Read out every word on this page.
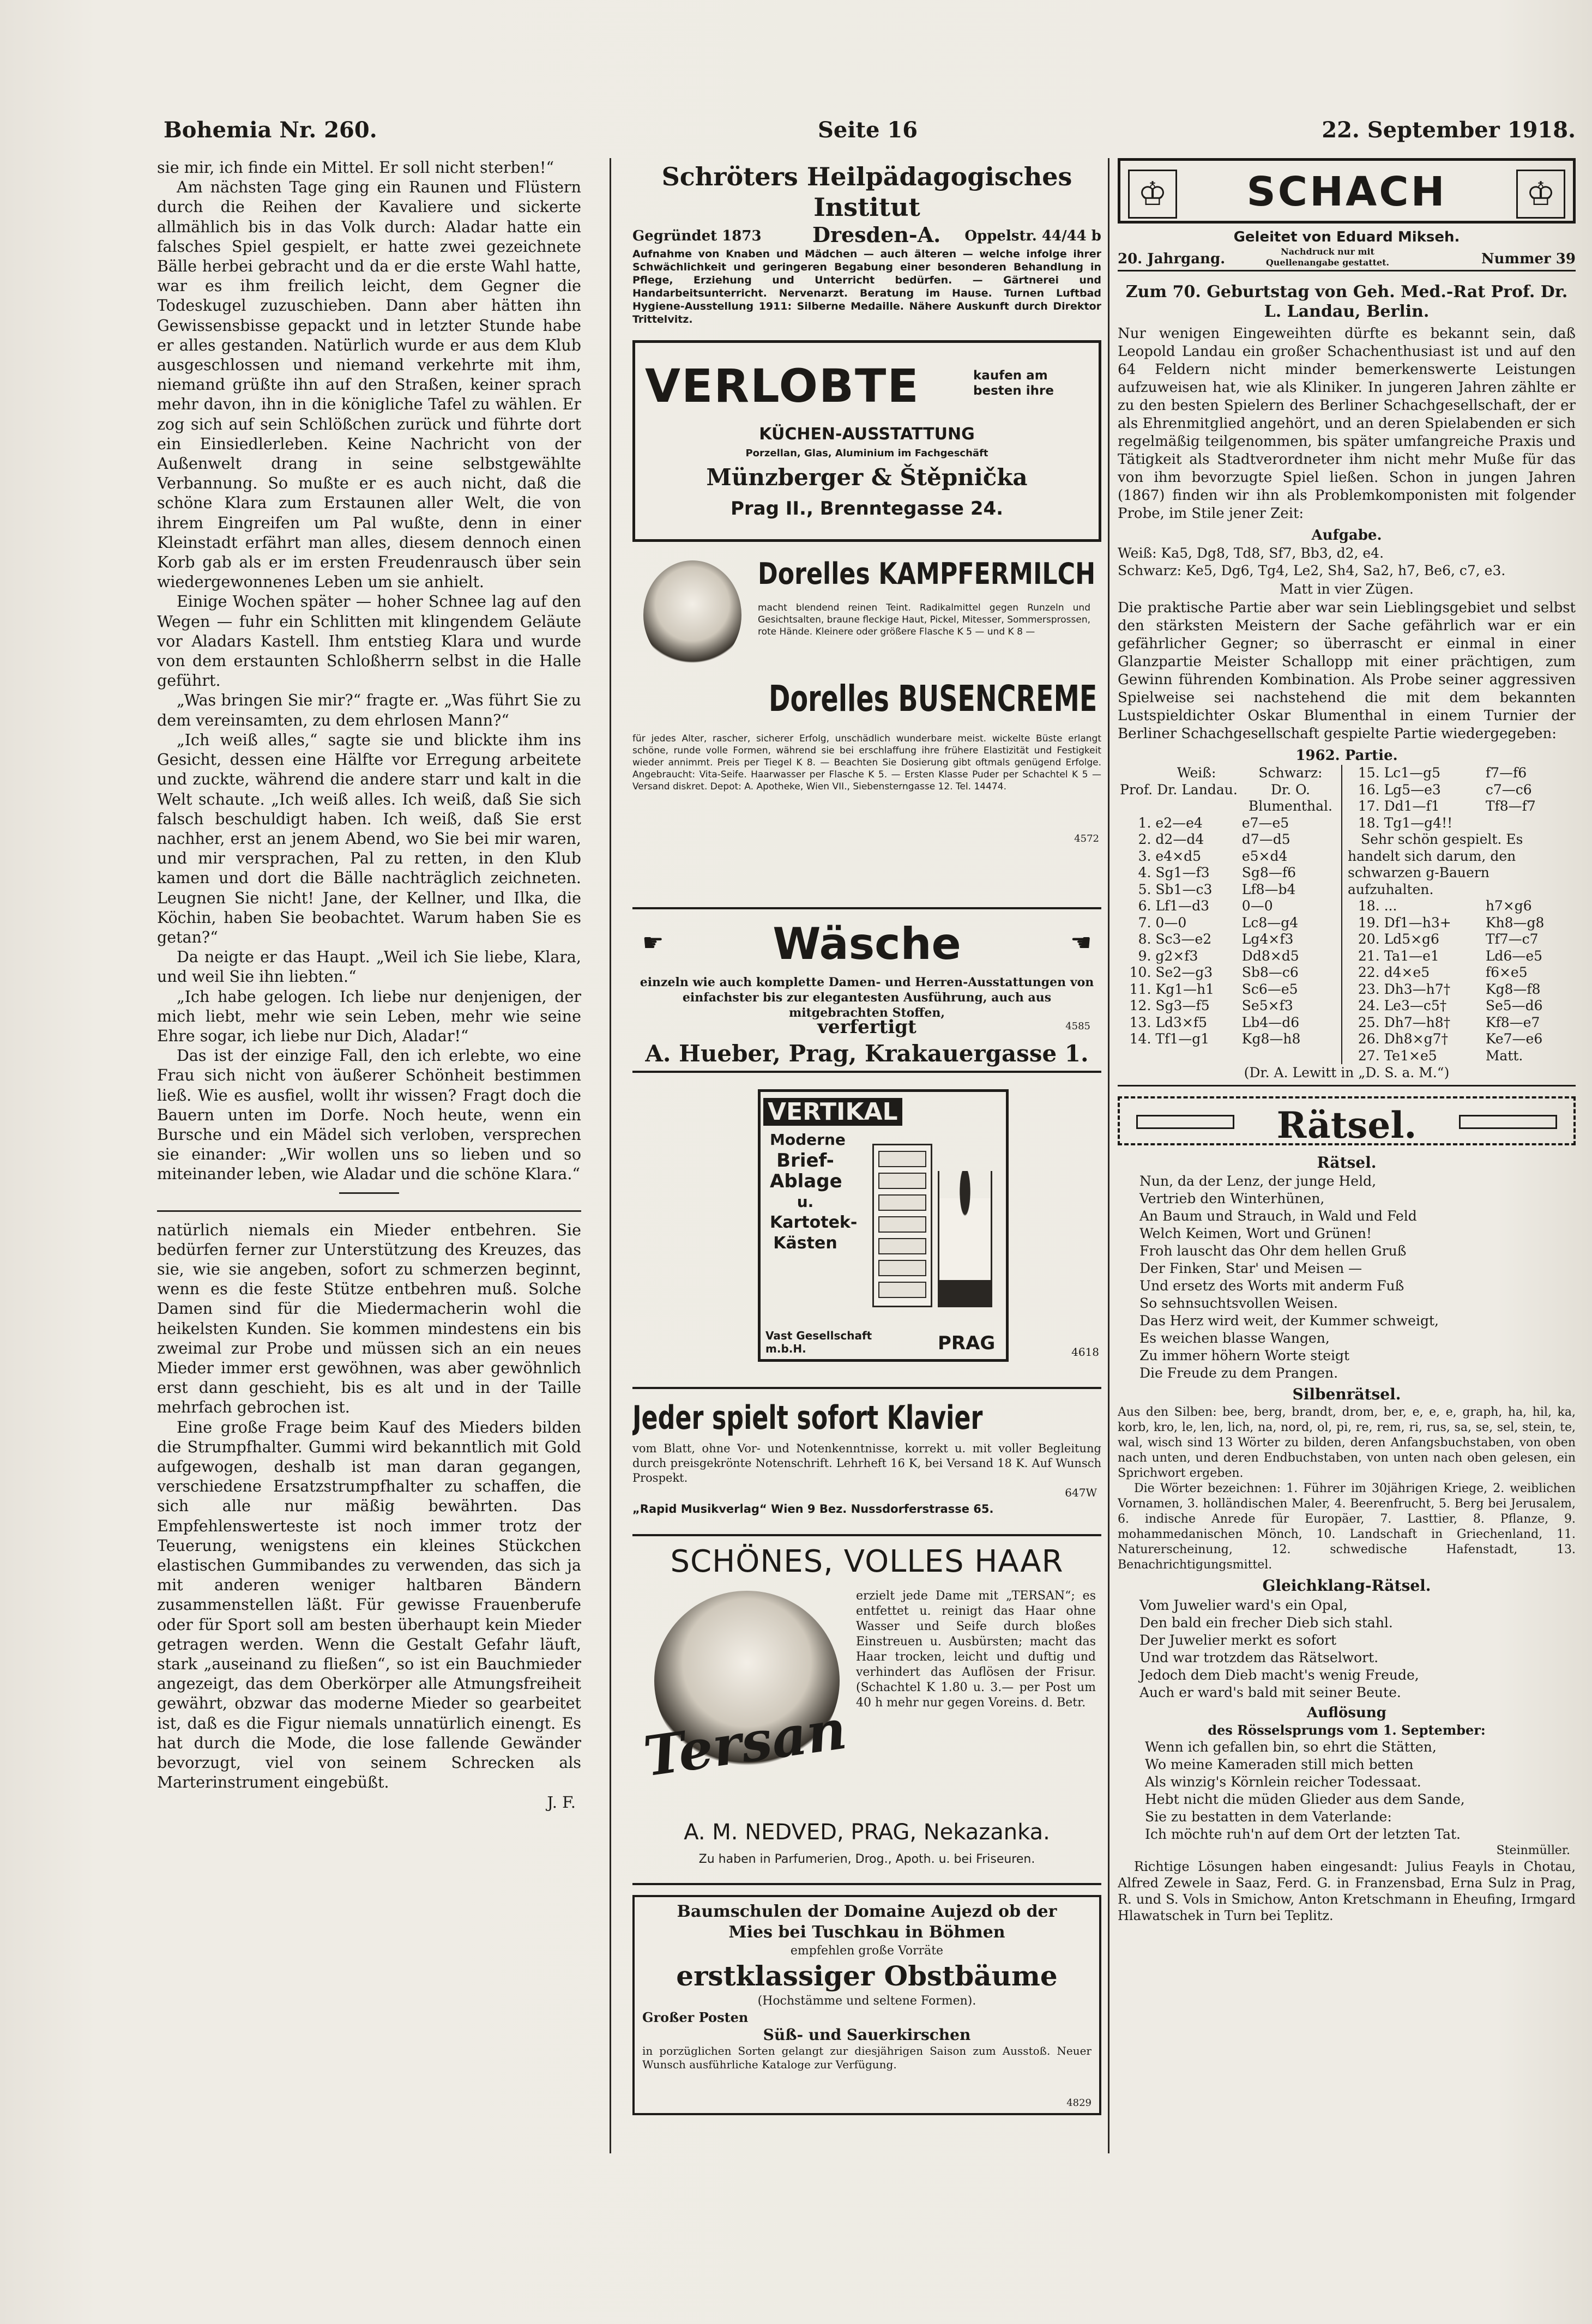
Bohemia Nr. 260.	Seite 16	22. September 1918.

sie mir, ich finde ein Mittel. Er soll nicht sterben!“

Am nächsten Tage ging ein Raunen und Flüstern durch die Reihen der Kavaliere und sickerte allmählich bis in das Volk durch: Aladar hatte ein falsches Spiel gespielt, er hatte zwei gezeichnete Bälle herbei gebracht und da er die erste Wahl hatte, war es ihm freilich leicht, dem Gegner die Todeskugel zuzuschieben. Dann aber hätten ihn Gewissensbisse gepackt und in letzter Stunde habe er alles gestanden. Natürlich wurde er aus dem Klub ausgeschlossen und niemand verkehrte mit ihm, niemand grüßte ihn auf den Straßen, keiner sprach mehr davon, ihn in die königliche Tafel zu wählen. Er zog sich auf sein Schlößchen zurück und führte dort ein Einsiedlerleben. Keine Nachricht von der Außenwelt drang in seine selbstgewählte Verbannung. So mußte er es auch nicht, daß die schöne Klara zum Erstaunen aller Welt, die von ihrem Eingreifen um Pal wußte, denn in einer Kleinstadt erfährt man alles, diesem dennoch einen Korb gab als er im ersten Freudenrausch über sein wiedergewonnenes Leben um sie anhielt.

Einige Wochen später — hoher Schnee lag auf den Wegen — fuhr ein Schlitten mit klingendem Geläute vor Aladars Kastell. Ihm entstieg Klara und wurde von dem erstaunten Schloßherrn selbst in die Halle geführt.

„Was bringen Sie mir?“ fragte er. „Was führt Sie zu dem vereinsamten, zu dem ehrlosen Mann?“

„Ich weiß alles,“ sagte sie und blickte ihm ins Gesicht, dessen eine Hälfte vor Erregung arbeitete und zuckte, während die andere starr und kalt in die Welt schaute. „Ich weiß alles. Ich weiß, daß Sie sich falsch beschuldigt haben. Ich weiß, daß Sie erst nachher, erst an jenem Abend, wo Sie bei mir waren, und mir versprachen, Pal zu retten, in den Klub kamen und dort die Bälle nachträglich zeichneten. Leugnen Sie nicht! Jane, der Kellner, und Ilka, die Köchin, haben Sie beobachtet. Warum haben Sie es getan?“

Da neigte er das Haupt. „Weil ich Sie liebe, Klara, und weil Sie ihn liebten.“

„Ich habe gelogen. Ich liebe nur denjenigen, der mich liebt, mehr wie sein Leben, mehr wie seine Ehre sogar, ich liebe nur Dich, Aladar!“

Das ist der einzige Fall, den ich erlebte, wo eine Frau sich nicht von äußerer Schönheit bestimmen ließ. Wie es ausfiel, wollt ihr wissen? Fragt doch die Bauern unten im Dorfe. Noch heute, wenn ein Bursche und ein Mädel sich verloben, versprechen sie einander: „Wir wollen uns so lieben und so miteinander leben, wie Aladar und die schöne Klara.“

natürlich niemals ein Mieder entbehren. Sie bedürfen ferner zur Unterstützung des Kreuzes, das sie, wie sie angeben, sofort zu schmerzen beginnt, wenn es die feste Stütze entbehren muß. Solche Damen sind für die Miedermacherin wohl die heikelsten Kunden. Sie kommen mindestens ein bis zweimal zur Probe und müssen sich an ein neues Mieder immer erst gewöhnen, was aber gewöhnlich erst dann geschieht, bis es alt und in der Taille mehrfach gebrochen ist.

Eine große Frage beim Kauf des Mieders bilden die Strumpfhalter. Gummi wird bekanntlich mit Gold aufgewogen, deshalb ist man daran gegangen, verschiedene Ersatzstrumpfhalter zu schaffen, die sich alle nur mäßig bewährten. Das Empfehlenswerteste ist noch immer trotz der Teuerung, wenigstens ein kleines Stückchen elastischen Gummibandes zu verwenden, das sich ja mit anderen weniger haltbaren Bändern zusammenstellen läßt. Für gewisse Frauenberufe oder für Sport soll am besten überhaupt kein Mieder getragen werden. Wenn die Gestalt Gefahr läuft, stark „auseinand zu fließen“, so ist ein Bauchmieder angezeigt, das dem Oberkörper alle Atmungsfreiheit gewährt, obzwar das moderne Mieder so gearbeitet ist, daß es die Figur niemals unnatürlich einengt. Es hat durch die Mode, die lose fallende Gewänder bevorzugt, viel von seinem Schrecken als Marterinstrument eingebüßt.

J. F.
Schröters Heilpädagogisches Institut
Gegründet 1873 Dresden-A. Oppelstr. 44/44 b
Aufnahme von Knaben und Mädchen — auch älteren — welche infolge ihrer Schwächlichkeit und geringeren Begabung einer besonderen Behandlung in Pflege, Erziehung und Unterricht bedürfen. — Gärtnerei und Handarbeitsunterricht. Nervenarzt. Beratung im Hause. Turnen Luftbad Hygiene-Ausstellung 1911: Silberne Medaille. Nähere Auskunft durch Direktor Trittelvitz.
VERLOBTE	kaufen am besten ihre
KÜCHEN-AUSSTATTUNG
Porzellan, Glas, Aluminium im Fachgeschäft
Münzberger & Štěpnička
Prag II., Brenntegasse 24.
Dorelles KAMPFERMILCH
macht blendend reinen Teint. Radikalmittel gegen Runzeln und Gesichtsalten, braune fleckige Haut, Pickel, Mitesser, Sommersprossen, rote Hände. Kleinere oder größere Flasche K 5 — und K 8 —
Dorelles BUSENCREME
für jedes Alter, rascher, sicherer Erfolg, unschädlich wunderbare meist. wickelte Büste erlangt schöne, runde volle Formen, während sie bei erschlaffung ihre frühere Elastizität und Festigkeit wieder annimmt. Preis per Tiegel K 8. — Beachten Sie Dosierung gibt oftmals genügend Erfolge. Angebraucht: Vita-Seife. Haarwasser per Flasche K 5. — Ersten Klasse Puder per Schachtel K 5 — Versand diskret. Depot: A. Apotheke, Wien VII., Siebensterngasse 12. Tel. 14474.
4572
☛	☛
Wäsche
einzeln wie auch komplette Damen- und Herren-Ausstattungen von einfachster bis zur elegantesten Ausführung, auch aus mitgebrachten Stoffen,
verfertigt	4585
A. Hueber, Prag, Krakauergasse 1.
VERTIKAL
Moderne
Brief-
Ablage
u.
Kartotek-
Kästen
Vast Gesellschaft m.b.H.	PRAG	4618
Jeder spielt sofort Klavier
vom Blatt, ohne Vor- und Notenkenntnisse, korrekt u. mit voller Begleitung durch preisgekrönte Notenschrift. Lehrheft 16 K, bei Versand 18 K. Auf Wunsch Prospekt.
647W
„Rapid Musikverlag“ Wien 9 Bez. Nussdorferstrasse 65.
SCHÖNES, VOLLES HAAR
Tersan
erzielt jede Dame mit „TERSAN“; es entfettet u. reinigt das Haar ohne Wasser und Seife durch bloßes Einstreuen u. Ausbürsten; macht das Haar trocken, leicht und duftig und verhindert das Auflösen der Frisur. (Schachtel K 1.80 u. 3.— per Post um 40 h mehr nur gegen Voreins. d. Betr.
A. M. NEDVED, PRAG, Nekazanka.
Zu haben in Parfumerien, Drog., Apoth. u. bei Friseuren.
Baumschulen der Domaine Aujezd ob der
Mies bei Tuschkau in Böhmen
empfehlen große Vorräte
erstklassiger Obstbäume
(Hochstämme und seltene Formen).
Großer Posten
Süß- und Sauerkirschen
in porzüglichen Sorten gelangt zur diesjährigen Saison zum Ausstoß. Neuer Wunsch ausführliche Kataloge zur Verfügung.
4829
♔	SCHACH	♔
Geleitet von Eduard Mikseh.
20. Jahrgang.	Nachdruck nur mit Quellenangabe gestattet.	Nummer 39
Zum 70. Geburtstag von Geh. Med.-Rat Prof. Dr. L. Landau, Berlin.
Nur wenigen Eingeweihten dürfte es bekannt sein, daß Leopold Landau ein großer Schachenthusiast ist und auf den 64 Feldern nicht minder bemerkenswerte Leistungen aufzuweisen hat, wie als Kliniker. In jungeren Jahren zählte er zu den besten Spielern des Berliner Schachgesellschaft, der er als Ehrenmitglied angehört, und an deren Spielabenden er sich regelmäßig teilgenommen, bis später umfangreiche Praxis und Tätigkeit als Stadtverordneter ihm nicht mehr Muße für das von ihm bevorzugte Spiel ließen. Schon in jungen Jahren (1867) finden wir ihn als Problemkomponisten mit folgender Probe, im Stile jener Zeit:
Aufgabe.
Weiß: Ka5, Dg8, Td8, Sf7, Bb3, d2, e4.
Schwarz: Ke5, Dg6, Tg4, Le2, Sh4, Sa2, h7, Be6, c7, e3.
Matt in vier Zügen.
Die praktische Partie aber war sein Lieblingsgebiet und selbst den stärksten Meistern der Sache gefährlich war er ein gefährlicher Gegner; so überrascht er einmal in einer Glanzpartie Meister Schallopp mit einer prächtigen, zum Gewinn führenden Kombination. Als Probe seiner aggressiven Spielweise sei nachstehend die mit dem bekannten Lustspieldichter Oskar Blumenthal in einem Turnier der Berliner Schachgesellschaft gespielte Partie wiedergegeben:
1962. Partie.
	Weiß:	Schwarz:
Prof. Dr. Landau.		Dr. O. Blumenthal.
1.	e2—e4	e7—e5
2.	d2—d4	d7—d5
3.	e4×d5	e5×d4
4.	Sg1—f3	Sg8—f6
5.	Sb1—c3	Lf8—b4
6.	Lf1—d3	0—0
7.	0—0	Lc8—g4
8.	Sc3—e2	Lg4×f3
9.	g2×f3	Dd8×d5
10.	Se2—g3	Sb8—c6
11.	Kg1—h1	Sc6—e5
12.	Sg3—f5	Se5×f3
13.	Ld3×f5	Lb4—d6
14.	Tf1—g1	Kg8—h8
15.	Lc1—g5	f7—f6
16.	Lg5—e3	c7—c6
17.	Dd1—f1	Tf8—f7
18.	Tg1—g4!!	
Sehr schön gespielt. Es handelt sich darum, den schwarzen g-Bauern aufzuhalten.		
18.	...	h7×g6
19.	Df1—h3+	Kh8—g8
20.	Ld5×g6	Tf7—c7
21.	Ta1—e1	Ld6—e5
22.	d4×e5	f6×e5
23.	Dh3—h7†	Kg8—f8
24.	Le3—c5†	Se5—d6
25.	Dh7—h8†	Kf8—e7
26.	Dh8×g7†	Ke7—e6
27.	Te1×e5	Matt.
(Dr. A. Lewitt in „D. S. a. M.“)
Rätsel.
Rätsel.
Nun, da der Lenz, der junge Held,
Vertrieb den Winterhünen,
An Baum und Strauch, in Wald und Feld
Welch Keimen, Wort und Grünen!
Froh lauscht das Ohr dem hellen Gruß
Der Finken, Star' und Meisen —
Und ersetz des Worts mit anderm Fuß
So sehnsuchtsvollen Weisen.
Das Herz wird weit, der Kummer schweigt,
Es weichen blasse Wangen,
Zu immer höhern Worte steigt
Die Freude zu dem Prangen.
Silbenrätsel.
Aus den Silben: bee, berg, brandt, drom, ber, e, e, e, graph, ha, hil, ka, korb, kro, le, len, lich, na, nord, ol, pi, re, rem, ri, rus, sa, se, sel, stein, te, wal, wisch sind 13 Wörter zu bilden, deren Anfangsbuchstaben, von oben nach unten, und deren Endbuchstaben, von unten nach oben gelesen, ein Sprichwort ergeben.
Die Wörter bezeichnen: 1. Führer im 30jährigen Kriege, 2. weiblichen Vornamen, 3. holländischen Maler, 4. Beerenfrucht, 5. Berg bei Jerusalem, 6. indische Anrede für Europäer, 7. Lasttier, 8. Pflanze, 9. mohammedanischen Mönch, 10. Landschaft in Griechenland, 11. Naturerscheinung, 12. schwedische Hafenstadt, 13. Benachrichtigungsmittel.
Gleichklang-Rätsel.
Vom Juwelier ward's ein Opal,
Den bald ein frecher Dieb sich stahl.
Der Juwelier merkt es sofort
Und war trotzdem das Rätselwort.
Jedoch dem Dieb macht's wenig Freude,
Auch er ward's bald mit seiner Beute.
Auflösung
des Rösselsprungs vom 1. September:
Wenn ich gefallen bin, so ehrt die Stätten,
Wo meine Kameraden still mich betten
Als winzig's Körnlein reicher Todessaat.
Hebt nicht die müden Glieder aus dem Sande,
Sie zu bestatten in dem Vaterlande:
Ich möchte ruh'n auf dem Ort der letzten Tat.
Steinmüller.
Richtige Lösungen haben eingesandt: Julius Feayls in Chotau, Alfred Zewele in Saaz, Ferd. G. in Franzensbad, Erna Sulz in Prag, R. und S. Vols in Smichow, Anton Kretschmann in Eheufing, Irmgard Hlawatschek in Turn bei Teplitz.
